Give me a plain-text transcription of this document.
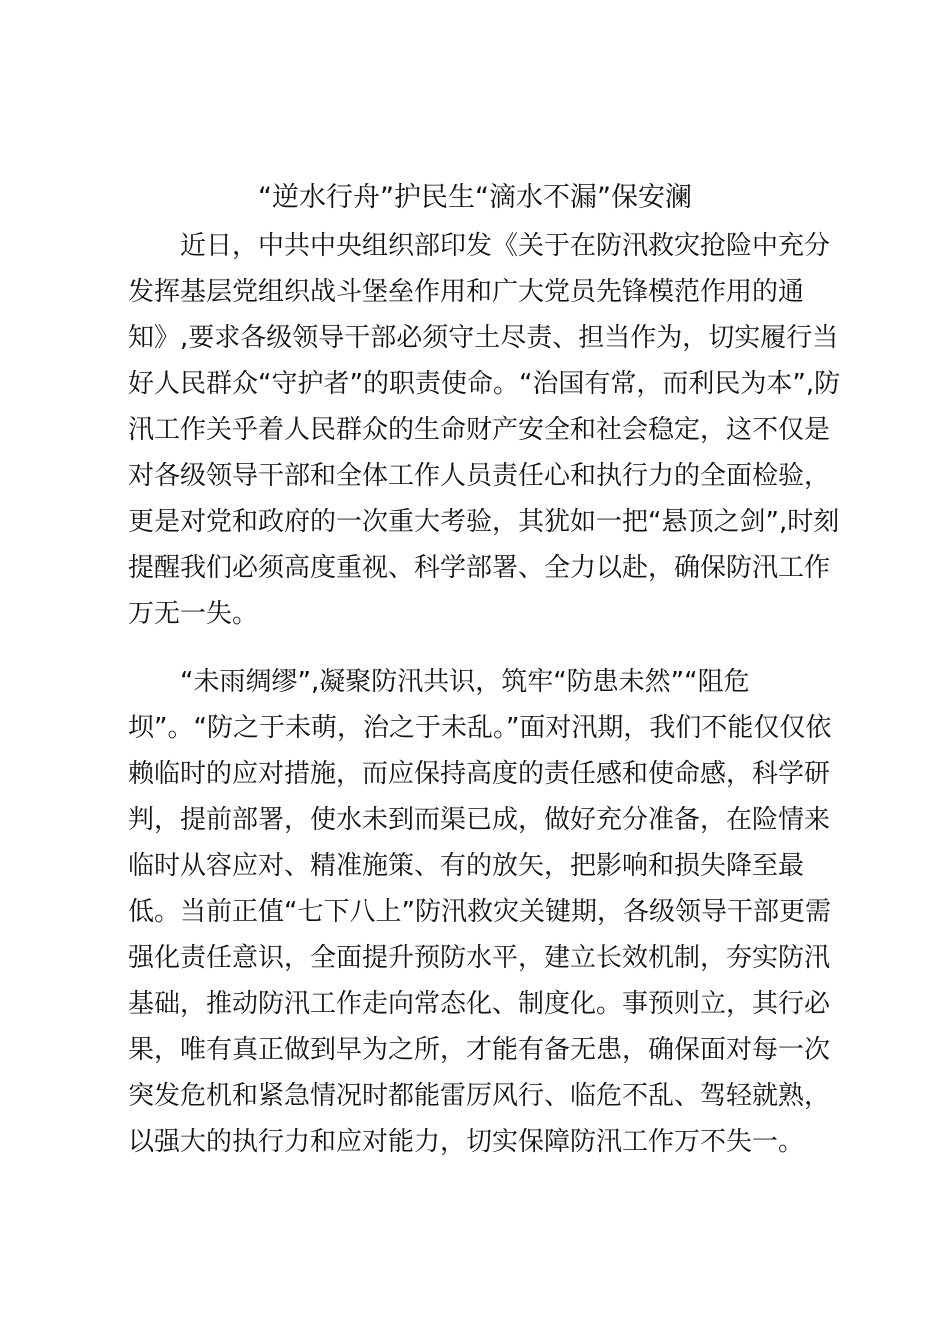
“逆水行舟”护民生“滴水不漏”保安澜
近日，中共中央组织部印发《关于在防汛救灾抢险中充分
发挥基层党组织战斗堡垒作用和广大党员先锋模范作用的通
知》,要求各级领导干部必须守土尽责、担当作为，切实履行当
好人民群众“守护者”的职责使命。“治国有常，而利民为本”,防
汛工作关乎着人民群众的生命财产安全和社会稳定，这不仅是
对各级领导干部和全体工作人员责任心和执行力的全面检验，
更是对党和政府的一次重大考验，其犹如一把“悬顶之剑”,时刻
提醒我们必须高度重视、科学部署、全力以赴，确保防汛工作
万无一失。
“未雨绸缪”,凝聚防汛共识，筑牢“防患未然”“阻危
坝”。“防之于未萌，治之于未乱。”面对汛期，我们不能仅仅依
赖临时的应对措施，而应保持高度的责任感和使命感，科学研
判，提前部署，使水未到而渠已成，做好充分准备，在险情来
临时从容应对、精准施策、有的放矢，把影响和损失降至最
低。当前正值“七下八上”防汛救灾关键期，各级领导干部更需
强化责任意识，全面提升预防水平，建立长效机制，夯实防汛
基础，推动防汛工作走向常态化、制度化。事预则立，其行必
果，唯有真正做到早为之所，才能有备无患，确保面对每一次
突发危机和紧急情况时都能雷厉风行、临危不乱、驾轻就熟，
以强大的执行力和应对能力，切实保障防汛工作万不失一。
